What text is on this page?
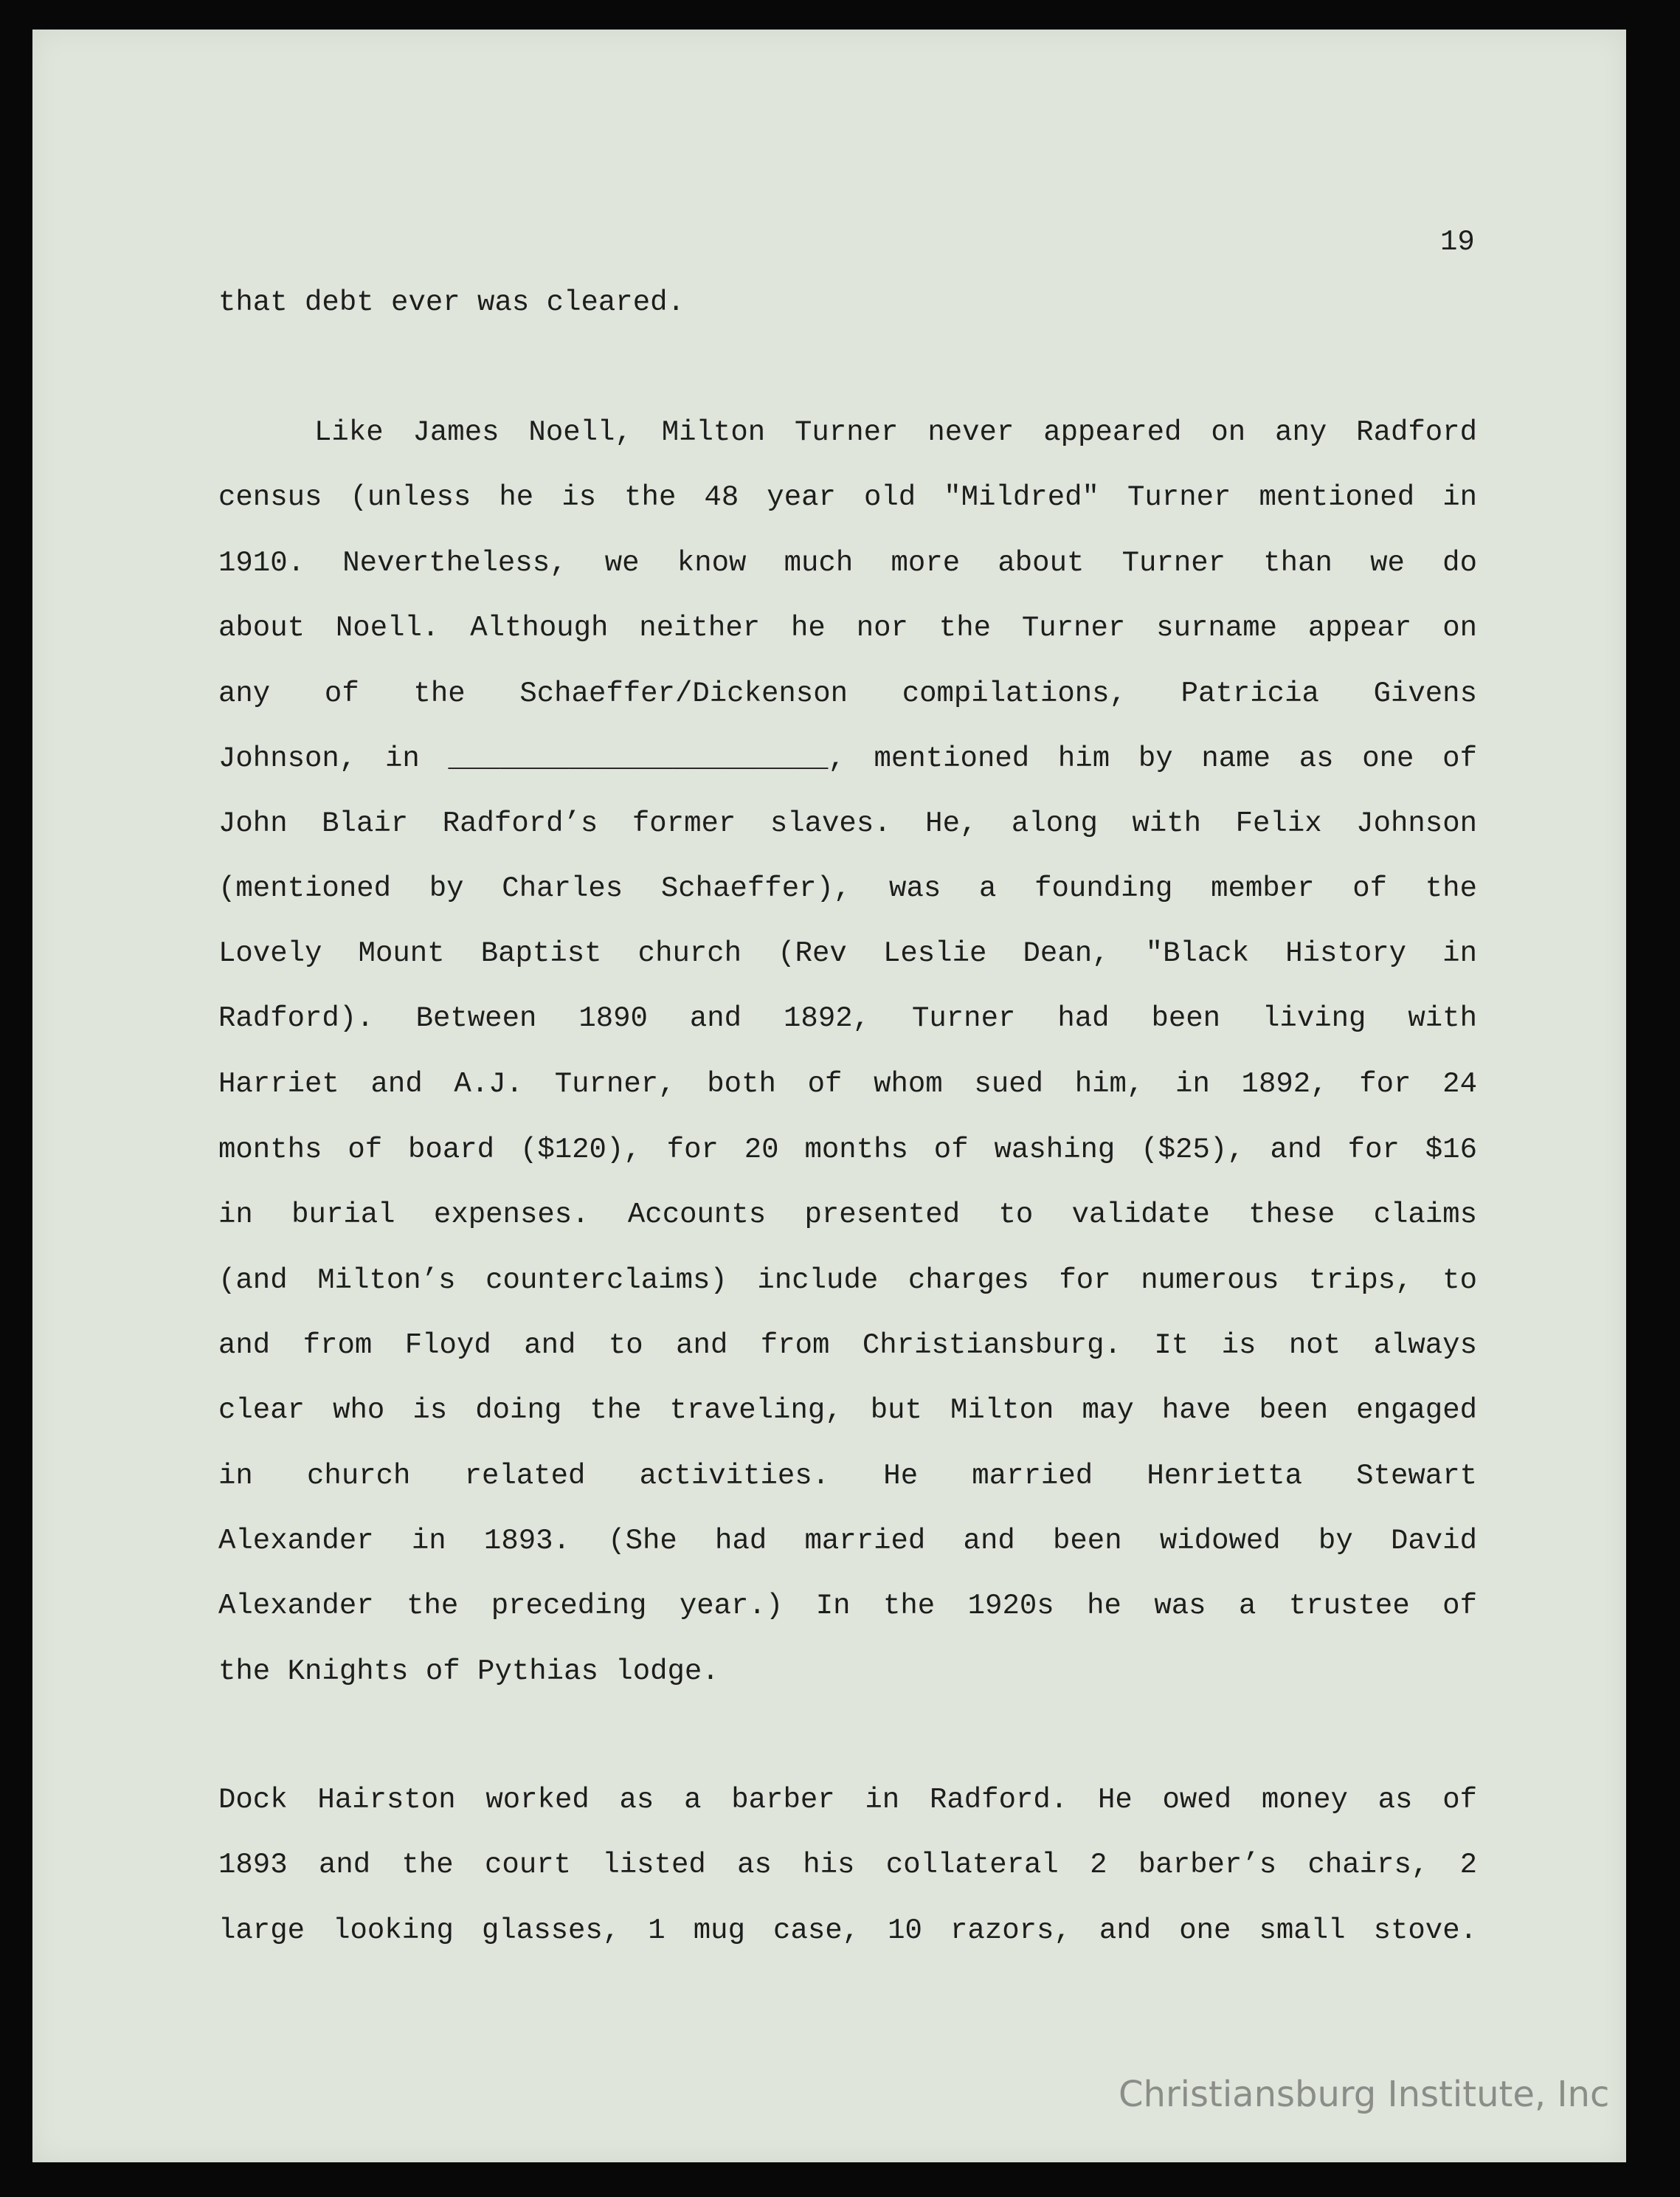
19
that debt ever was cleared.
Like James Noell, Milton Turner never appeared on any Radford
census (unless he is the 48 year old "Mildred" Turner mentioned in
1910. Nevertheless, we know much more about Turner than we do
about Noell. Although neither he nor the Turner surname appear on
any of the Schaeffer/Dickenson compilations, Patricia Givens
Johnson, in ______________________, mentioned him by name as one of
John Blair Radford’s former slaves. He, along with Felix Johnson
(mentioned by Charles Schaeffer), was a founding member of the
Lovely Mount Baptist church (Rev Leslie Dean, "Black History in
Radford). Between 1890 and 1892, Turner had been living with
Harriet and A.J. Turner, both of whom sued him, in 1892, for 24
months of board ($120), for 20 months of washing ($25), and for $16
in burial expenses. Accounts presented to validate these claims
(and Milton’s counterclaims) include charges for numerous trips, to
and from Floyd and to and from Christiansburg. It is not always
clear who is doing the traveling, but Milton may have been engaged
in church related activities. He married Henrietta Stewart
Alexander in 1893. (She had married and been widowed by David
Alexander the preceding year.) In the 1920s he was a trustee of
the Knights of Pythias lodge.
Dock Hairston worked as a barber in Radford. He owed money as of
1893 and the court listed as his collateral 2 barber’s chairs, 2
large looking glasses, 1 mug case, 10 razors, and one small stove.
Christiansburg Institute, Inc
